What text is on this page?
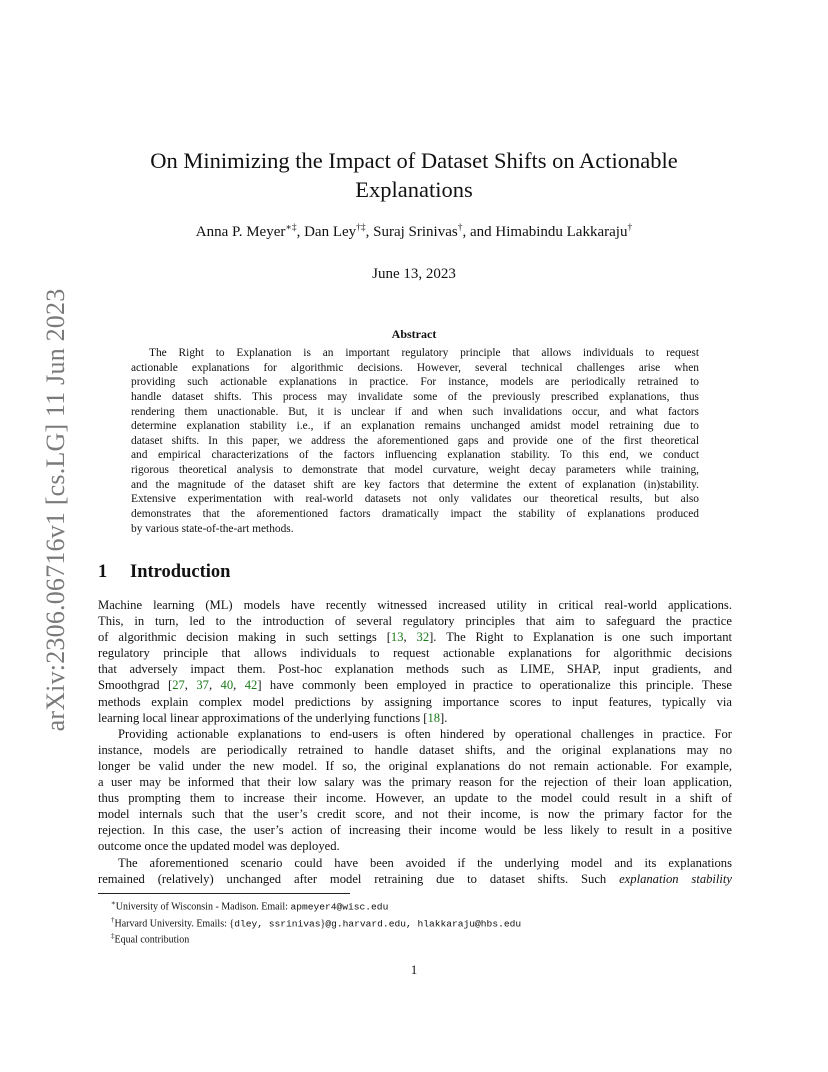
arXiv:2306.06716v1 [cs.LG] 11 Jun 2023
On Minimizing the Impact of Dataset Shifts on Actionable
Explanations
Anna P. Meyer∗‡, Dan Ley†‡, Suraj Srinivas†, and Himabindu Lakkaraju†
June 13, 2023
Abstract
The Right to Explanation is an important regulatory principle that allows individuals to request
actionable explanations for algorithmic decisions. However, several technical challenges arise when
providing such actionable explanations in practice. For instance, models are periodically retrained to
handle dataset shifts. This process may invalidate some of the previously prescribed explanations, thus
rendering them unactionable. But, it is unclear if and when such invalidations occur, and what factors
determine explanation stability i.e., if an explanation remains unchanged amidst model retraining due to
dataset shifts. In this paper, we address the aforementioned gaps and provide one of the first theoretical
and empirical characterizations of the factors influencing explanation stability. To this end, we conduct
rigorous theoretical analysis to demonstrate that model curvature, weight decay parameters while training,
and the magnitude of the dataset shift are key factors that determine the extent of explanation (in)stability.
Extensive experimentation with real-world datasets not only validates our theoretical results, but also
demonstrates that the aforementioned factors dramatically impact the stability of explanations produced
by various state-of-the-art methods.
1 Introduction
Machine learning (ML) models have recently witnessed increased utility in critical real-world applications.
This, in turn, led to the introduction of several regulatory principles that aim to safeguard the practice
of algorithmic decision making in such settings [13, 32]. The Right to Explanation is one such important
regulatory principle that allows individuals to request actionable explanations for algorithmic decisions
that adversely impact them. Post-hoc explanation methods such as LIME, SHAP, input gradients, and
Smoothgrad [27, 37, 40, 42] have commonly been employed in practice to operationalize this principle. These
methods explain complex model predictions by assigning importance scores to input features, typically via
learning local linear approximations of the underlying functions [18].
Providing actionable explanations to end-users is often hindered by operational challenges in practice. For
instance, models are periodically retrained to handle dataset shifts, and the original explanations may no
longer be valid under the new model. If so, the original explanations do not remain actionable. For example,
a user may be informed that their low salary was the primary reason for the rejection of their loan application,
thus prompting them to increase their income. However, an update to the model could result in a shift of
model internals such that the user’s credit score, and not their income, is now the primary factor for the
rejection. In this case, the user’s action of increasing their income would be less likely to result in a positive
outcome once the updated model was deployed.
The aforementioned scenario could have been avoided if the underlying model and its explanations
remained (relatively) unchanged after model retraining due to dataset shifts. Such explanation stability
∗University of Wisconsin - Madison. Email: apmeyer4@wisc.edu
†Harvard University. Emails: {dley, ssrinivas}@g.harvard.edu, hlakkaraju@hbs.edu
‡Equal contribution
1
